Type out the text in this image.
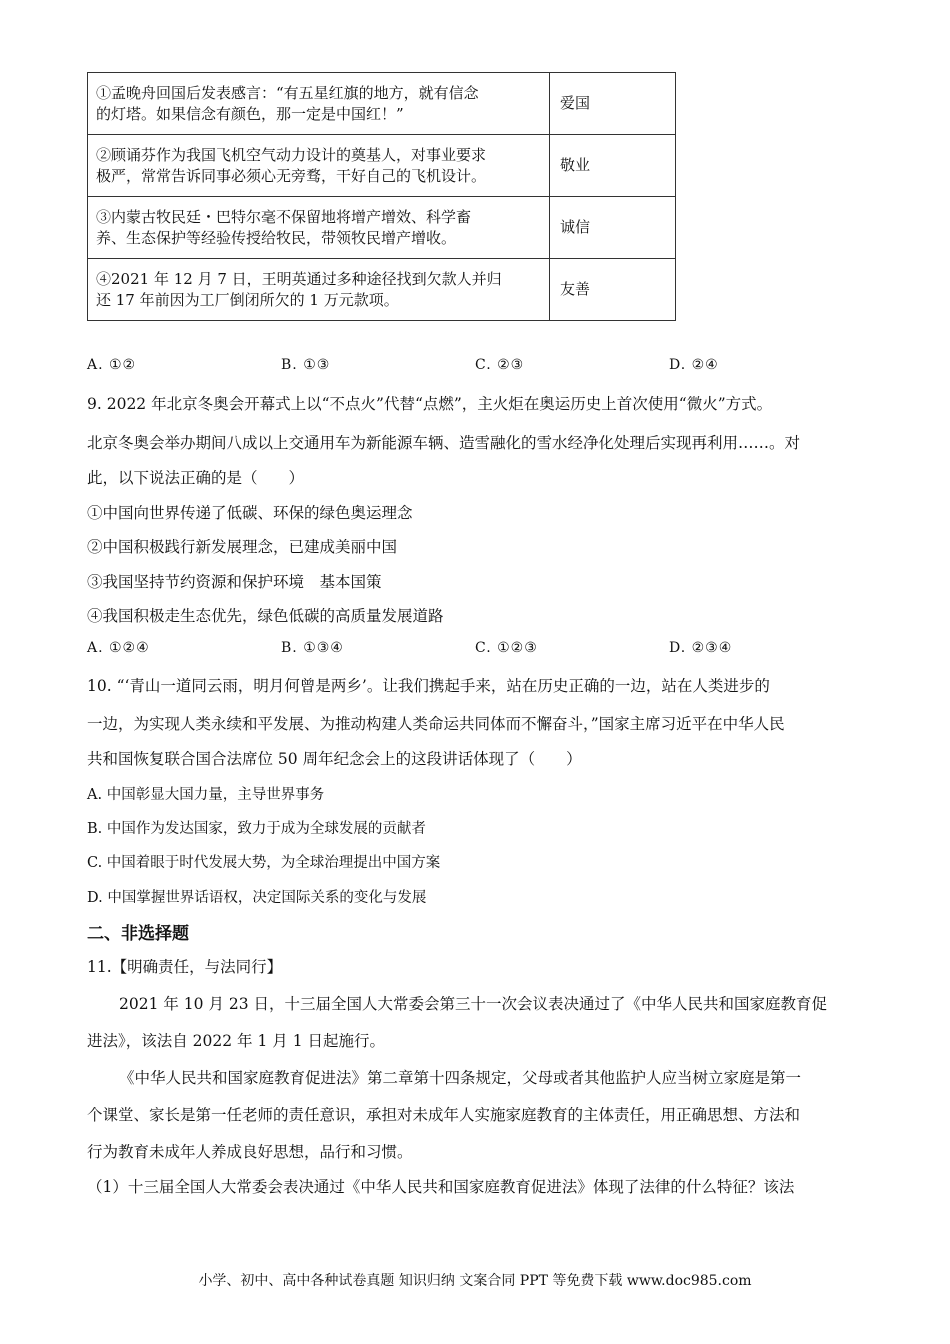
①孟晚舟回国后发表感言：“有五星红旗的地方，就有信念
的灯塔。如果信念有颜色，那一定是中国红！”	爱国
②顾诵芬作为我国飞机空气动力设计的奠基人，对事业要求
极严，常常告诉同事必须心无旁骛，干好自己的飞机设计。	敬业
③内蒙古牧民廷・巴特尔毫不保留地将增产增效、科学畜
养、生态保护等经验传授给牧民，带领牧民增产增收。	诚信
④2021 年 12 月 7 日，王明英通过多种途径找到欠款人并归
还 17 年前因为工厂倒闭所欠的 1 万元款项。	友善
A. ①②	B. ①③	C. ②③	D. ②④
9. 2022 年北京冬奥会开幕式上以“不点火”代替“点燃”，主火炬在奥运历史上首次使用“微火”方式。
北京冬奥会举办期间八成以上交通用车为新能源车辆、造雪融化的雪水经净化处理后实现再利用……。对
此，以下说法正确的是（　　）
①中国向世界传递了低碳、环保的绿色奥运理念
②中国积极践行新发展理念，已建成美丽中国
③我国坚持节约资源和保护环境　基本国策
④我国积极走生态优先，绿色低碳的高质量发展道路
A. ①②④	B. ①③④	C. ①②③	D. ②③④
10. “‘青山一道同云雨，明月何曾是两乡’。让我们携起手来，站在历史正确的一边，站在人类进步的
一边，为实现人类永续和平发展、为推动构建人类命运共同体而不懈奋斗，”国家主席习近平在中华人民
共和国恢复联合国合法席位 50 周年纪念会上的这段讲话体现了（　　）
A. 中国彰显大国力量，主导世界事务
B. 中国作为发达国家，致力于成为全球发展的贡献者
C. 中国着眼于时代发展大势，为全球治理提出中国方案
D. 中国掌握世界话语权，决定国际关系的变化与发展
二、非选择题
11.【明确责任，与法同行】
2021 年 10 月 23 日，十三届全国人大常委会第三十一次会议表决通过了《中华人民共和国家庭教育促
进法》，该法自 2022 年 1 月 1 日起施行。
《中华人民共和国家庭教育促进法》第二章第十四条规定，父母或者其他监护人应当树立家庭是第一
个课堂、家长是第一任老师的责任意识，承担对未成年人实施家庭教育的主体责任，用正确思想、方法和
行为教育未成年人养成良好思想，品行和习惯。
（1）十三届全国人大常委会表决通过《中华人民共和国家庭教育促进法》体现了法律的什么特征？该法
小学、初中、高中各种试卷真题 知识归纳 文案合同 PPT 等免费下载 www.doc985.com
